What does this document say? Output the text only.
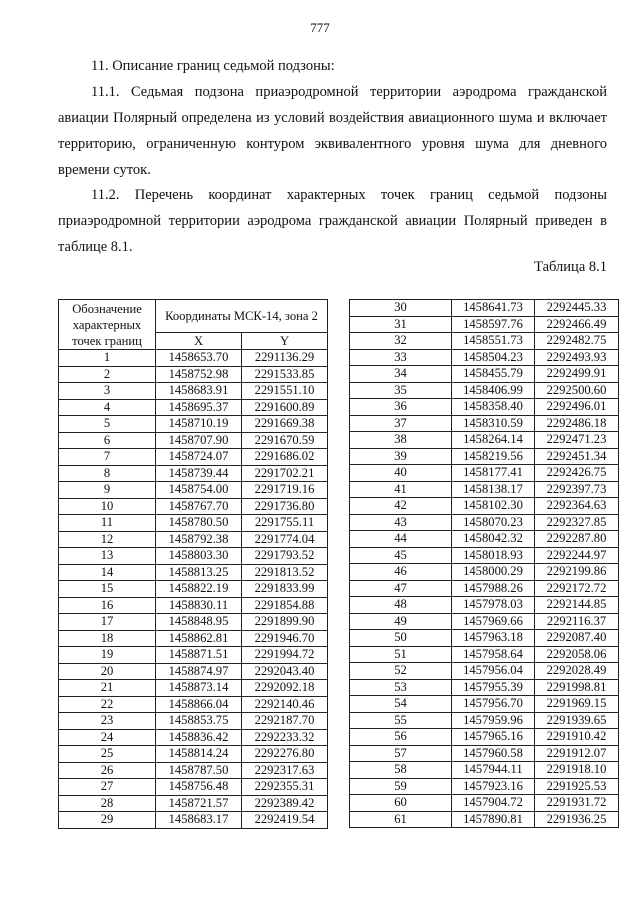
777
11. Описание границ седьмой подзоны:

11.1. Седьмая подзона приаэродромной территории аэродрома гражданской авиации Полярный определена из условий воздействия авиационного шума и включает территорию, ограниченную контуром эквивалентного уровня шума для дневного времени суток.

11.2. Перечень координат характерных точек границ седьмой подзоны приаэродромной территории аэродрома гражданской авиации Полярный приведен в таблице 8.1.

Таблица 8.1
Обозначение характерных точек границ	Координаты МСК-14, зона 2	
	X	Y
1	1458653.70	2291136.29
2	1458752.98	2291533.85
3	1458683.91	2291551.10
4	1458695.37	2291600.89
5	1458710.19	2291669.38
6	1458707.90	2291670.59
7	1458724.07	2291686.02
8	1458739.44	2291702.21
9	1458754.00	2291719.16
10	1458767.70	2291736.80
11	1458780.50	2291755.11
12	1458792.38	2291774.04
13	1458803.30	2291793.52
14	1458813.25	2291813.52
15	1458822.19	2291833.99
16	1458830.11	2291854.88
17	1458848.95	2291899.90
18	1458862.81	2291946.70
19	1458871.51	2291994.72
20	1458874.97	2292043.40
21	1458873.14	2292092.18
22	1458866.04	2292140.46
23	1458853.75	2292187.70
24	1458836.42	2292233.32
25	1458814.24	2292276.80
26	1458787.50	2292317.63
27	1458756.48	2292355.31
28	1458721.57	2292389.42
29	1458683.17	2292419.54
30	1458641.73	2292445.33
31	1458597.76	2292466.49
32	1458551.73	2292482.75
33	1458504.23	2292493.93
34	1458455.79	2292499.91
35	1458406.99	2292500.60
36	1458358.40	2292496.01
37	1458310.59	2292486.18
38	1458264.14	2292471.23
39	1458219.56	2292451.34
40	1458177.41	2292426.75
41	1458138.17	2292397.73
42	1458102.30	2292364.63
43	1458070.23	2292327.85
44	1458042.32	2292287.80
45	1458018.93	2292244.97
46	1458000.29	2292199.86
47	1457988.26	2292172.72
48	1457978.03	2292144.85
49	1457969.66	2292116.37
50	1457963.18	2292087.40
51	1457958.64	2292058.06
52	1457956.04	2292028.49
53	1457955.39	2291998.81
54	1457956.70	2291969.15
55	1457959.96	2291939.65
56	1457965.16	2291910.42
57	1457960.58	2291912.07
58	1457944.11	2291918.10
59	1457923.16	2291925.53
60	1457904.72	2291931.72
61	1457890.81	2291936.25
